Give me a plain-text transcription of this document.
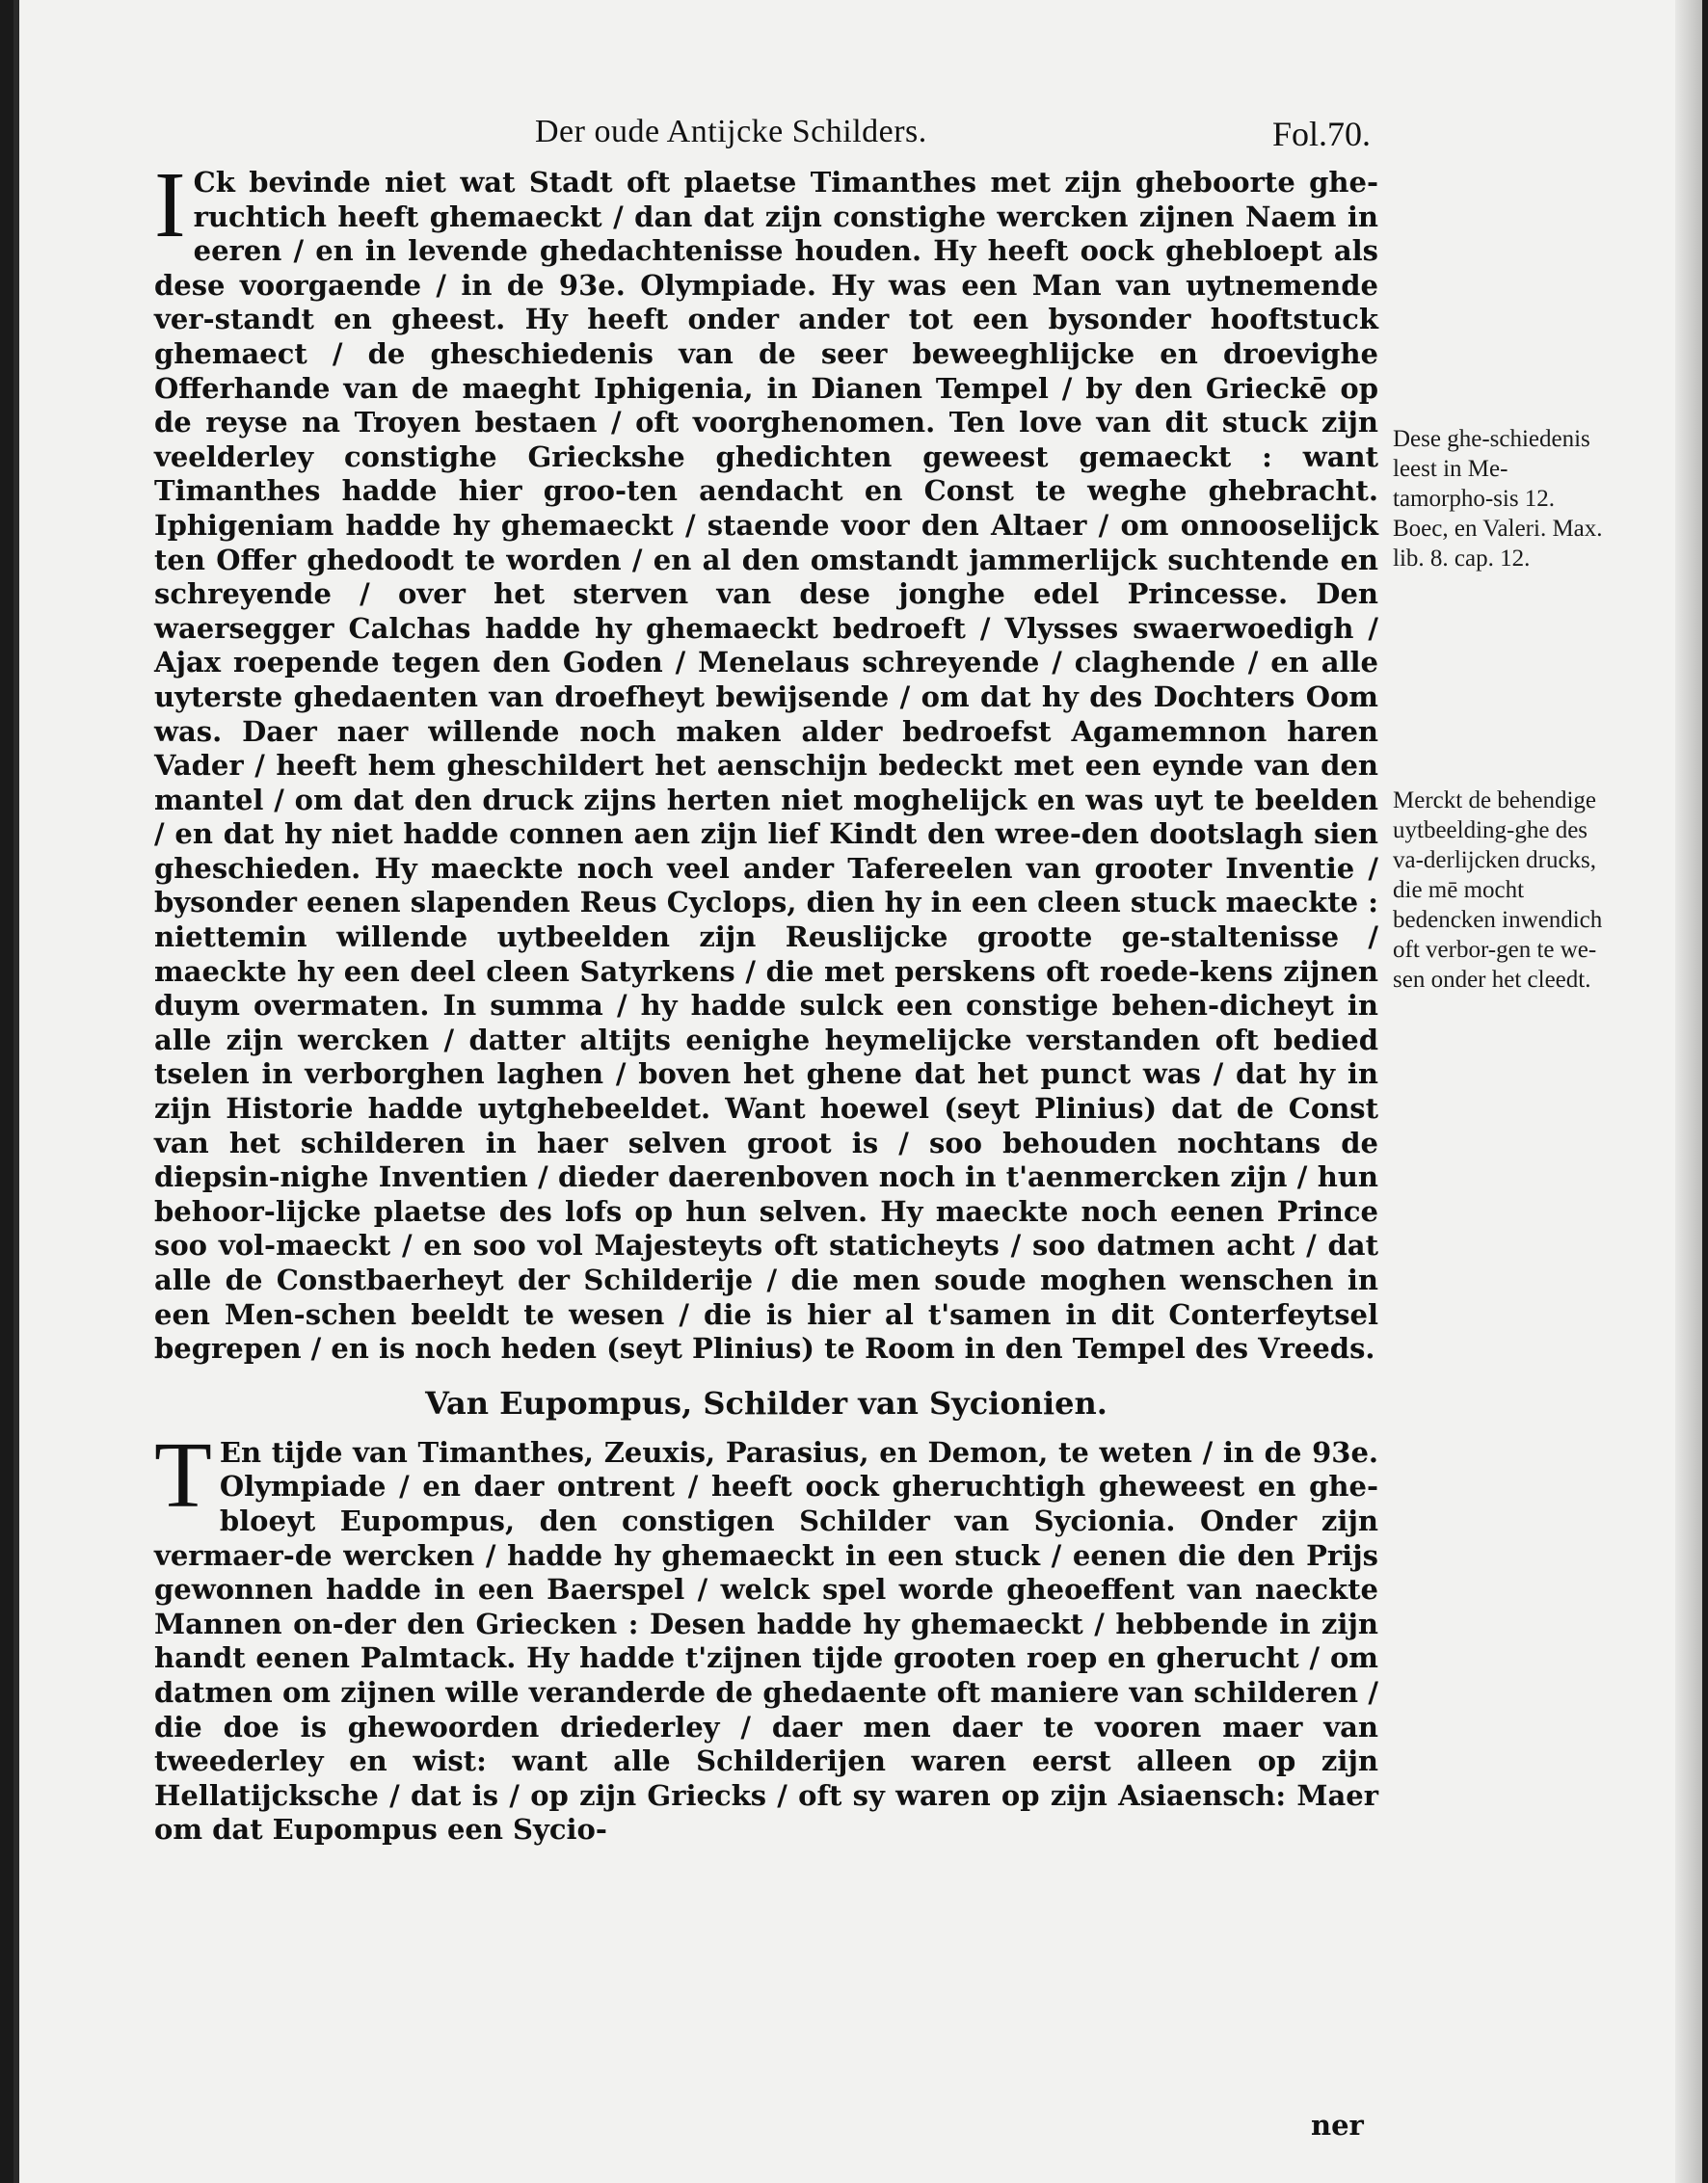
Der oude Antijcke Schilders.	Fol.70.

I Ck bevinde niet wat Stadt oft plaetse Timanthes met zijn gheboorte ghe-ruchtich heeft ghemaeckt / dan dat zijn constighe wercken zijnen Naem in eeren / en in levende ghedachtenisse houden. Hy heeft oock ghebloept als dese voorgaende / in de 93e. Olympiade. Hy was een Man van uytnemende ver-standt en gheest. Hy heeft onder ander tot een bysonder hooftstuck ghemaect / de gheschiedenis van de seer beweeghlijcke en droevighe Offerhande van de maeght Iphigenia, in Dianen Tempel / by den Grieckē op de reyse na Troyen bestaen / oft voorghenomen. Ten love van dit stuck zijn veelderley constighe Grieckshe ghedichten geweest gemaeckt : want Timanthes hadde hier groo-ten aendacht en Const te weghe ghebracht. Iphigeniam hadde hy ghemaeckt / staende voor den Altaer / om onnooselijck ten Offer ghedoodt te worden / en al den omstandt jammerlijck suchtende en schreyende / over het sterven van dese jonghe edel Princesse. Den waersegger Calchas hadde hy ghemaeckt bedroeft / Vlysses swaerwoedigh / Ajax roepende tegen den Goden / Menelaus schreyende / claghende / en alle uyterste ghedaenten van droefheyt bewijsende / om dat hy des Dochters Oom was. Daer naer willende noch maken alder bedroefst Agamemnon haren Vader / heeft hem gheschildert het aenschijn bedeckt met een eynde van den mantel / om dat den druck zijns herten niet moghelijck en was uyt te beelden / en dat hy niet hadde connen aen zijn lief Kindt den wree-den dootslagh sien gheschieden. Hy maeckte noch veel ander Tafereelen van grooter Inventie / bysonder eenen slapenden Reus Cyclops, dien hy in een cleen stuck maeckte : niettemin willende uytbeelden zijn Reuslijcke grootte ge-staltenisse / maeckte hy een deel cleen Satyrkens / die met perskens oft roede-kens zijnen duym overmaten. In summa / hy hadde sulck een constige behen-dicheyt in alle zijn wercken / datter altijts eenighe heymelijcke verstanden oft bedied tselen in verborghen laghen / boven het ghene dat het punct was / dat hy in zijn Historie hadde uytghebeeldet. Want hoewel (seyt Plinius) dat de Const van het schilderen in haer selven groot is / soo behouden nochtans de diepsin-nighe Inventien / dieder daerenboven noch in t'aenmercken zijn / hun behoor-lijcke plaetse des lofs op hun selven. Hy maeckte noch eenen Prince soo vol-maeckt / en soo vol Majesteyts oft staticheyts / soo datmen acht / dat alle de Constbaerheyt der Schilderije / die men soude moghen wenschen in een Men-schen beeldt te wesen / die is hier al t'samen in dit Conterfeytsel begrepen / en is noch heden (seyt Plinius) te Room in den Tempel des Vreeds.

Van Eupompus, Schilder van Sycionien.

T En tijde van Timanthes, Zeuxis, Parasius, en Demon, te weten / in de 93e. Olympiade / en daer ontrent / heeft oock gheruchtigh gheweest en ghe-bloeyt Eupompus, den constigen Schilder van Sycionia. Onder zijn vermaer-de wercken / hadde hy ghemaeckt in een stuck / eenen die den Prijs gewonnen hadde in een Baerspel / welck spel worde gheoeffent van naeckte Mannen on-der den Griecken : Desen hadde hy ghemaeckt / hebbende in zijn handt eenen Palmtack. Hy hadde t'zijnen tijde grooten roep en gherucht / om datmen om zijnen wille veranderde de ghedaente oft maniere van schilderen / die doe is ghewoorden driederley / daer men daer te vooren maer van tweederley en wist: want alle Schilderijen waren eerst alleen op zijn Hellatijcksche / dat is / op zijn Griecks / oft sy waren op zijn Asiaensch: Maer om dat Eupompus een Sycio-

Dese ghe-schiedenis leest in Me-tamorpho-sis 12. Boec, en Valeri. Max. lib. 8. cap. 12.
Merckt de behendige uytbeelding-ghe des va-derlijcken drucks, die mē mocht bedencken inwendich oft verbor-gen te we-sen onder het cleedt.
ner
